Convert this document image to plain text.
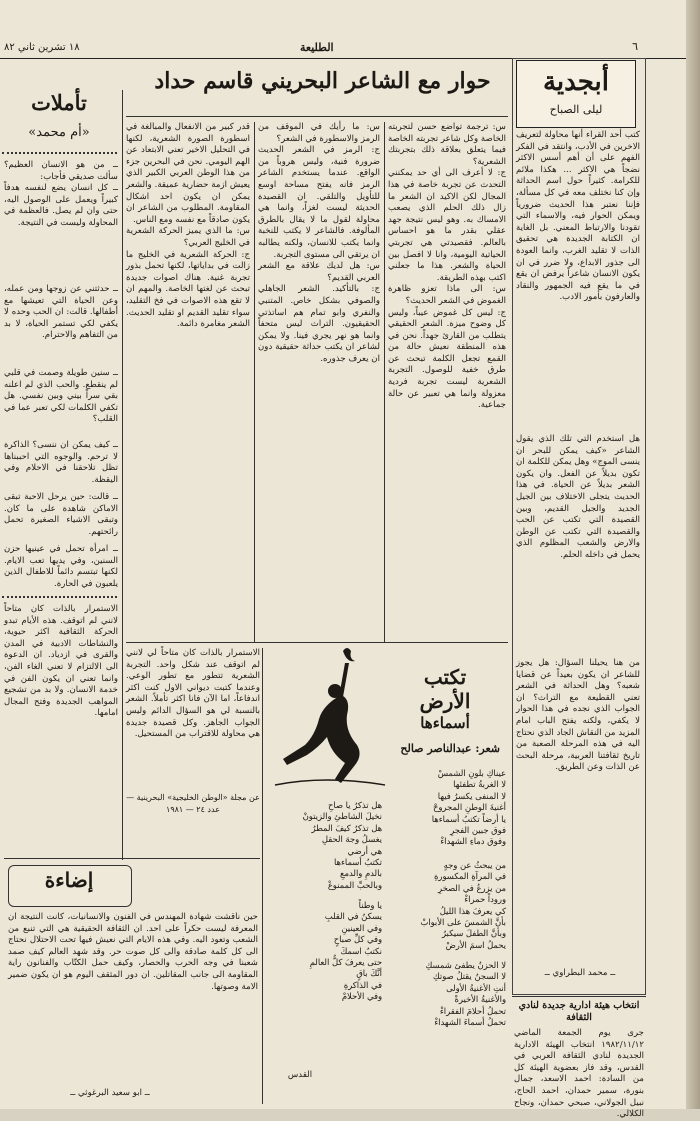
١٨ تشرين ثاني ٨٢	الطليعة	٦
أبجدية
ليلى الصباح
كتب أحد القراء أنها محاولة لتعريف الاخرين في الأدب، وانتقد في الفكر الفهم على أن أهم أسس الاكثر نضجاً هي الاكثر ... هكذا ملائم للكرامة. كثيراً حول اسم الحداثة وإن كنا نختلف معه في كل مسألة، فإننا نعتبر هذا الحديث ضرورياً ويمكن الحوار فيه، والاسماء التي تقودنا والارتباط المعني. بل الغاية ان الكتابة الجديدة هي تحقيق الذات لا تقليد الغرب، وانما العودة الى جذور الابداع، ولا ضرر في ان يكون الانسان شاعراً يرفض ان يقع في ما يقع فيه الجمهور والنقاد والعارفون بأمور الادب.
هل استخدم التي تلك الذي يقول الشاعر «كيف يمكن للبحر ان ينسى الموج» وهل يمكن للكلمة ان تكون بديلاً عن الفعل. وان يكون الشعر بديلاً عن الحياة. في هذا الحديث يتجلى الاختلاف بين الجيل الجديد والجيل القديم، وبين القصيدة التي تكتب عن الحب والقصيدة التي تكتب عن الوطن والارض والشعب المظلوم الذي يحمل في داخله الحلم.
من هنا يحيلنا السؤال: هل يجوز للشاعر ان يكون بعيداً عن قضايا شعبه؟ وهل الحداثة في الشعر تعني القطيعة مع التراث؟ ان الجواب الذي نجده في هذا الحوار لا يكفي، ولكنه يفتح الباب امام المزيد من النقاش الجاد الذي نحتاج اليه في هذه المرحلة الصعبة من تاريخ ثقافتنا العربية، مرحلة البحث عن الذات وعن الطريق.
ــ محمد البطراوي ــ
انتخاب هيئة ادارية جديدة لنادي الثقافة
جرى يوم الجمعة الماضي ١٩٨٢/١١/١٢ انتخاب الهيئة الادارية الجديدة لنادي الثقافة العربي في القدس، وقد فاز بعضوية الهيئة كل من السادة: احمد الاسعد، جمال بنورة، سمير حمدان، احمد الحاج، نبيل الجولاني، صبحي حمدان، ونجاح الكلالي.
حوار مع الشاعر البحريني قاسم حداد
س: ترجمة تواضع حسن لتجربته الخاصة وكل شاعر تجربته الخاصة فيما يتعلق بعلاقة ذلك بتجربتك الشعرية؟
ج: لا أعرف الى أي حد يمكنني التحدث عن تجربة خاصة في هذا المجال لكن الاكيد ان الشعر ما زال ذلك الحلم الذي يصعب الامساك به. وهو ليس نتيجة جهد عقلي بقدر ما هو احساس بالعالم. فقصيدتي هي تجربتي الحياتية اليومية، وانا لا افصل بين الحياة والشعر. هذا ما جعلني اكتب بهذه الطريقة.
س: الى ماذا تعزو ظاهرة الغموض في الشعر الحديث؟
ج: ليس كل غموض عيباً، وليس كل وضوح ميزة. الشعر الحقيقي يتطلب من القارئ جهداً. نحن في هذه المنطقة نعيش حالة من القمع تجعل الكلمة تبحث عن طرق خفية للوصول. التجربة الشعرية ليست تجربة فردية معزولة وانما هي تعبير عن حالة جماعية.
س: ما رأيك في الموقف من الرمز والاسطورة في الشعر؟
ج: الرمز في الشعر الحديث ضرورة فنية، وليس هروباً من الواقع. عندما يستخدم الشاعر الرمز فانه يفتح مساحة اوسع للتأويل والتلقي. ان القصيدة الحديثة ليست لغزاً، وانما هي محاولة لقول ما لا يقال بالطرق المألوفة. فالشاعر لا يكتب للنخبة وانما يكتب للانسان، ولكنه يطالبه ان يرتقي الى مستوى التجربة.
س: هل لديك علاقة مع الشعر العربي القديم؟
ج: بالتأكيد. الشعر الجاهلي والصوفي بشكل خاص. المتنبي والنفري وابو تمام هم اساتذتي الحقيقيون. التراث ليس متحفاً وانما هو نهر يجري فينا. ولا يمكن لشاعر ان يكتب حداثة حقيقية دون ان يعرف جذوره.
قدر كبير من الانفعال والمبالغة في اسطورة الصورة الشعرية، لكنها في التحليل الاخير تعني الابتعاد عن الهم اليومي. نحن في البحرين جزء من هذا الوطن العربي الكبير الذي يعيش ازمة حضارية عميقة. والشعر يمكن ان يكون احد اشكال المقاومة. المطلوب من الشاعر ان يكون صادقاً مع نفسه ومع الناس.
س: ما الذي يميز الحركة الشعرية في الخليج العربي؟
ج: الحركة الشعرية في الخليج ما زالت في بداياتها، لكنها تحمل بذور تجربة غنية. هناك اصوات جديدة تبحث عن لغتها الخاصة. والمهم ان لا تقع هذه الاصوات في فخ التقليد، سواء تقليد القديم او تقليد الحديث. الشعر مغامرة دائمة.
الاستمرار بالذات كان متاحاً لي لانني لم اتوقف عند شكل واحد. التجربة الشعرية تتطور مع تطور الوعي. وعندما كتبت ديواني الاول كنت اكثر اندفاعاً، اما الآن فانا اكثر تأملاً. الشعر بالنسبة لي هو السؤال الدائم وليس الجواب الجاهز. وكل قصيدة جديدة هي محاولة للاقتراب من المستحيل.
عن مجلة «الوطن الخليجية» البحرينية — عدد ٢٤ — ١٩٨١
تكتب
الأرض
أسماءها
شعر: عبدالناصر صالح
عيناكِ بلونِ الشمسْ
لا الغربةُ تطفئها
لا المنفى يكسرُ فيها
أغنيةَ الوطنِ المجروحْ
يا أرضاً تكتبُ أسماءها
فوق جبين الفجرِ
وفوق دماءِ الشهداءْ
من يبحثُ عن وجهٍ
في المرآةِ المكسورةِ
من يزرعُ في الصخرِ
وروداً حمراءْ
كي يعرفَ هذا الليلُ
بأنَّ الشمسَ على الأبوابْ
وبأنَّ الطفلَ سيكبرُ
يحملُ اسمَ الأرضْ
هل تذكرُ يا صاحِ
نخيلَ الشاطئِ والزيتونْ
هل تذكرُ كيفَ المطرُ
يغسلُ وجهَ الحقلِ
هي أرضي
تكتبُ أسماءها
بالدمِ والدمعِ
وبالحبِّ الممنوعْ
يا وطناً
يسكنُ في القلبِ
وفي العينينِ
وفي كلِّ صباحٍ
نكتبُ اسمكَ
حتى يعرفَ كلُّ العالمِ
أنَّكَ باقٍ
في الذاكرةِ
وفي الأحلامْ
لا الحزنُ يطفئ شمسكِ
لا السجنُ يقتلُ صوتكِ
أنتِ الأغنيةُ الأولى
والأغنيةُ الأخيرةْ
تحملُ أحلامَ الفقراءْ
تحملُ أسماءَ الشهداءْ
القدس
تأملات
«أم محمد»
ــ من هو الانسان العظيم؟ سألت صديقي فأجاب:
ــ كل انسان يضع لنفسه هدفاً كبيراً ويعمل على الوصول اليه، حتى وان لم يصل. فالعظمة في المحاولة وليست في النتيجة.
ــ حدثتني عن زوجها ومن عمله، وعن الحياة التي تعيشها مع أطفالها. قالت: ان الحب وحده لا يكفي لكي تستمر الحياة، لا بد من التفاهم والاحترام.
ــ سنين طويلة وصمت في قلبي لم ينقطع. والحب الذي لم اعلنه بقي سراً بيني وبين نفسي. هل تكفي الكلمات لكي تعبر عما في القلب؟
ــ كيف يمكن ان ننسى؟ الذاكرة لا ترحم. والوجوه التي احببناها تظل تلاحقنا في الاحلام وفي اليقظة.
ــ قالت: حين يرحل الاحبة تبقى الاماكن شاهدة على ما كان. وتبقى الاشياء الصغيرة تحمل رائحتهم.
ــ امرأة تحمل في عينيها حزن السنين، وفي يديها تعب الايام. لكنها تبتسم دائماً للاطفال الذين يلعبون في الحارة.
الاستمرار بالذات كان متاحاً لانني لم اتوقف. هذه الأيام تبدو الحركة الثقافية اكثر حيوية، والنشاطات الادبية في المدن والقرى في ازدياد. ان الدعوة الى الالتزام لا تعني الغاء الفن، وانما تعني ان يكون الفن في خدمة الانسان. ولا بد من تشجيع المواهب الجديدة وفتح المجال امامها.
إضاءة
حين ناقشت شهادة المهندس في الفنون والانسانيات، كانت النتيجة ان المعرفة ليست حكراً على احد. ان الثقافة الحقيقية هي التي تنبع من الشعب وتعود اليه. وفي هذه الايام التي نعيش فيها تحت الاحتلال نحتاج الى كل كلمة صادقة والى كل صوت حر. وقد شهد العالم كيف صمد شعبنا في وجه الحرب والحصار، وكيف حمل الكتّاب والفنانون راية المقاومة الى جانب المقاتلين. ان دور المثقف اليوم هو ان يكون ضمير الامة وصوتها.
ــ ابو سعيد البرغوثي ــ
